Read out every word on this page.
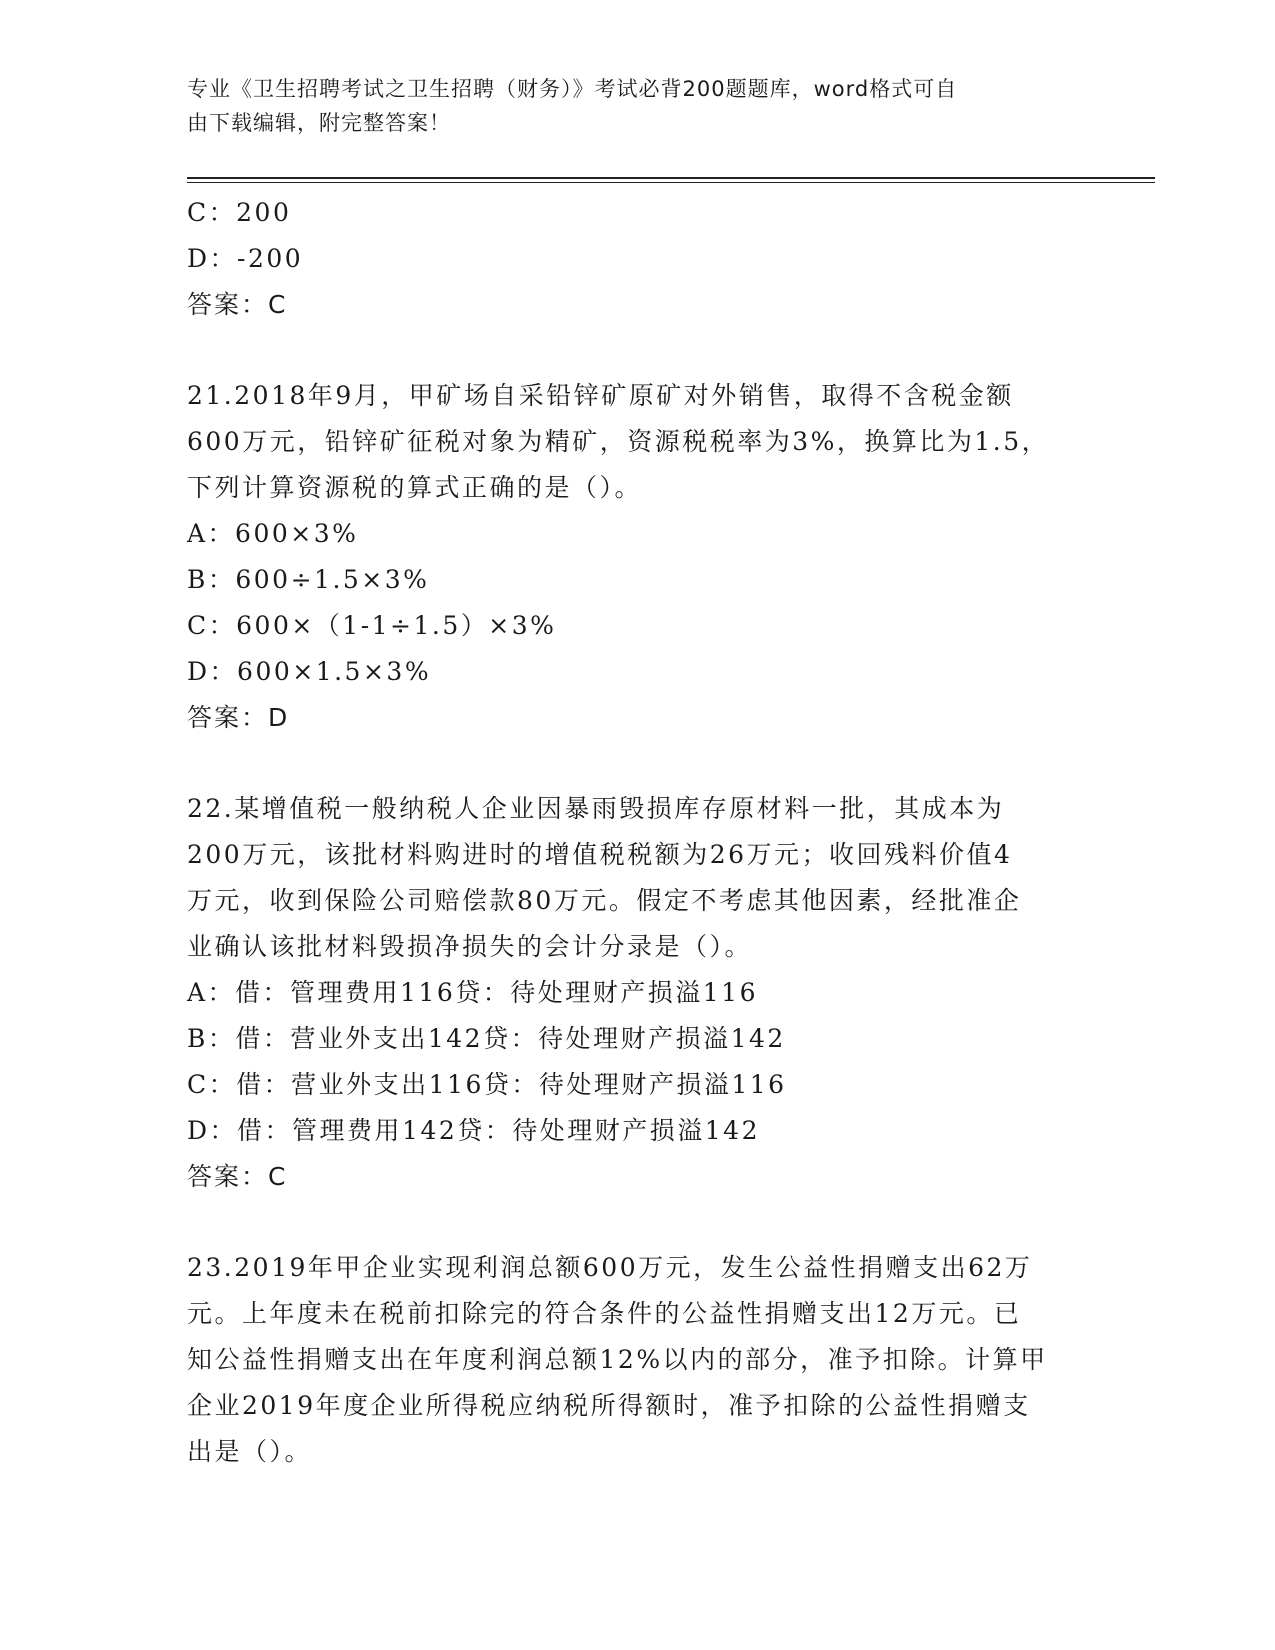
专业《卫生招聘考试之卫生招聘（财务）》考试必背200题题库，word格式可自
由下载编辑，附完整答案！
C：200
D：-200
答案：C
21.2018年9月，甲矿场自采铅锌矿原矿对外销售，取得不含税金额
600万元，铅锌矿征税对象为精矿，资源税税率为3%，换算比为1.5，
下列计算资源税的算式正确的是（）。
A：600×3%
B：600÷1.5×3%
C：600×（1-1÷1.5）×3%
D：600×1.5×3%
答案：D
22.某增值税一般纳税人企业因暴雨毁损库存原材料一批，其成本为
200万元，该批材料购进时的增值税税额为26万元；收回残料价值4
万元，收到保险公司赔偿款80万元。假定不考虑其他因素，经批准企
业确认该批材料毁损净损失的会计分录是（）。
A：借：管理费用116贷：待处理财产损溢116
B：借：营业外支出142贷：待处理财产损溢142
C：借：营业外支出116贷：待处理财产损溢116
D：借：管理费用142贷：待处理财产损溢142
答案：C
23.2019年甲企业实现利润总额600万元，发生公益性捐赠支出62万
元。上年度未在税前扣除完的符合条件的公益性捐赠支出12万元。已
知公益性捐赠支出在年度利润总额12%以内的部分，准予扣除。计算甲
企业2019年度企业所得税应纳税所得额时，准予扣除的公益性捐赠支
出是（）。
